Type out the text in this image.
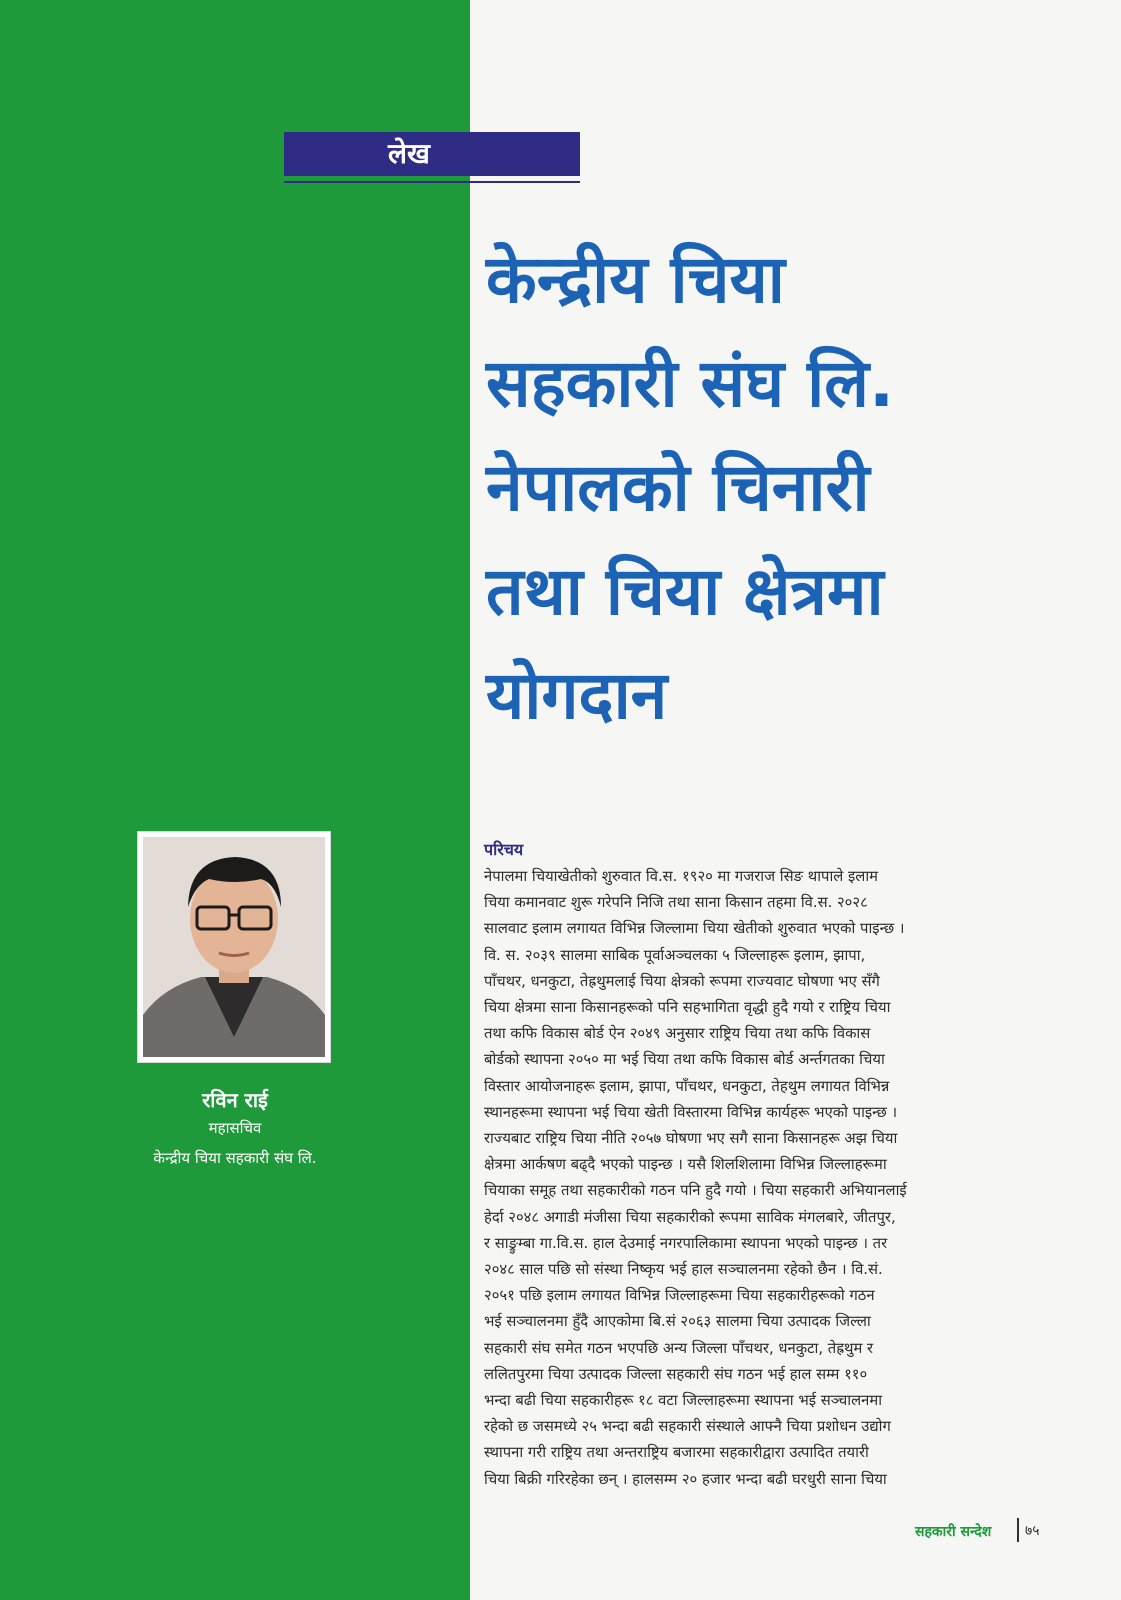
लेख
केन्द्रीय चिया
सहकारी संघ लि.
नेपालको चिनारी
तथा चिया क्षेत्रमा
योगदान
रविन राई
महासचिव
केन्द्रीय चिया सहकारी संघ लि.
परिचय
नेपालमा चियाखेतीको शुरुवात वि.स. १९२० मा गजराज सिङ थापाले इलाम
चिया कमानवाट शुरू गरेपनि निजि तथा साना किसान तहमा वि.स. २०२८
सालवाट इलाम लगायत विभिन्न जिल्लामा चिया खेतीको शुरुवात भएको पाइन्छ ।
वि. स. २०३९ सालमा साबिक पूर्वाअञ्चलका ५ जिल्लाहरू इलाम, झापा,
पाँचथर, धनकुटा, तेह्रथुमलाई चिया क्षेत्रको रूपमा राज्यवाट घोषणा भए सँगै
चिया क्षेत्रमा साना किसानहरूको पनि सहभागिता वृद्धी हुदै गयो र राष्ट्रिय चिया
तथा कफि विकास बोर्ड ऐन २०४९ अनुसार राष्ट्रिय चिया तथा कफि विकास
बोर्डको स्थापना २०५० मा भई चिया तथा कफि विकास बोर्ड अर्न्तगतका चिया
विस्तार आयोजनाहरू इलाम, झापा, पाँचथर, धनकुटा, तेहथुम लगायत विभिन्न
स्थानहरूमा स्थापना भई चिया खेती विस्तारमा विभिन्न कार्यहरू भएको पाइन्छ ।
राज्यबाट राष्ट्रिय चिया नीति २०५७ घोषणा भए सगै साना किसानहरू अझ चिया
क्षेत्रमा आर्कषण बढ्दै भएको पाइन्छ । यसै शिलशिलामा विभिन्न जिल्लाहरूमा
चियाका समूह तथा सहकारीको गठन पनि हुदै गयो । चिया सहकारी अभियानलाई
हेर्दा २०४८ अगाडी मंजीसा चिया सहकारीको रूपमा साविक मंगलबारे, जीतपुर,
र साङ्रुम्बा गा.वि.स. हाल देउमाई नगरपालिकामा स्थापना भएको पाइन्छ । तर
२०४८ साल पछि सो संस्था निष्कृय भई हाल सञ्चालनमा रहेको छैन । वि.सं.
२०५१ पछि इलाम लगायत विभिन्न जिल्लाहरूमा चिया सहकारीहरूको गठन
भई सञ्चालनमा हुँदै आएकोमा बि.सं २०६३ सालमा चिया उत्पादक जिल्ला
सहकारी संघ समेत गठन भएपछि अन्य जिल्ला पाँचथर, धनकुटा, तेह्रथुम र
ललितपुरमा चिया उत्पादक जिल्ला सहकारी संघ गठन भई हाल सम्म ११०
भन्दा बढी चिया सहकारीहरू १८ वटा जिल्लाहरूमा स्थापना भई सञ्चालनमा
रहेको छ जसमध्ये २५ भन्दा बढी सहकारी संस्थाले आफ्नै चिया प्रशोधन उद्योग
स्थापना गरी राष्ट्रिय तथा अन्तराष्ट्रिय बजारमा सहकारीद्वारा उत्पादित तयारी
चिया बिक्री गरिरहेका छन् । हालसम्म २० हजार भन्दा बढी घरधुरी साना चिया
सहकारी सन्देश ७५
